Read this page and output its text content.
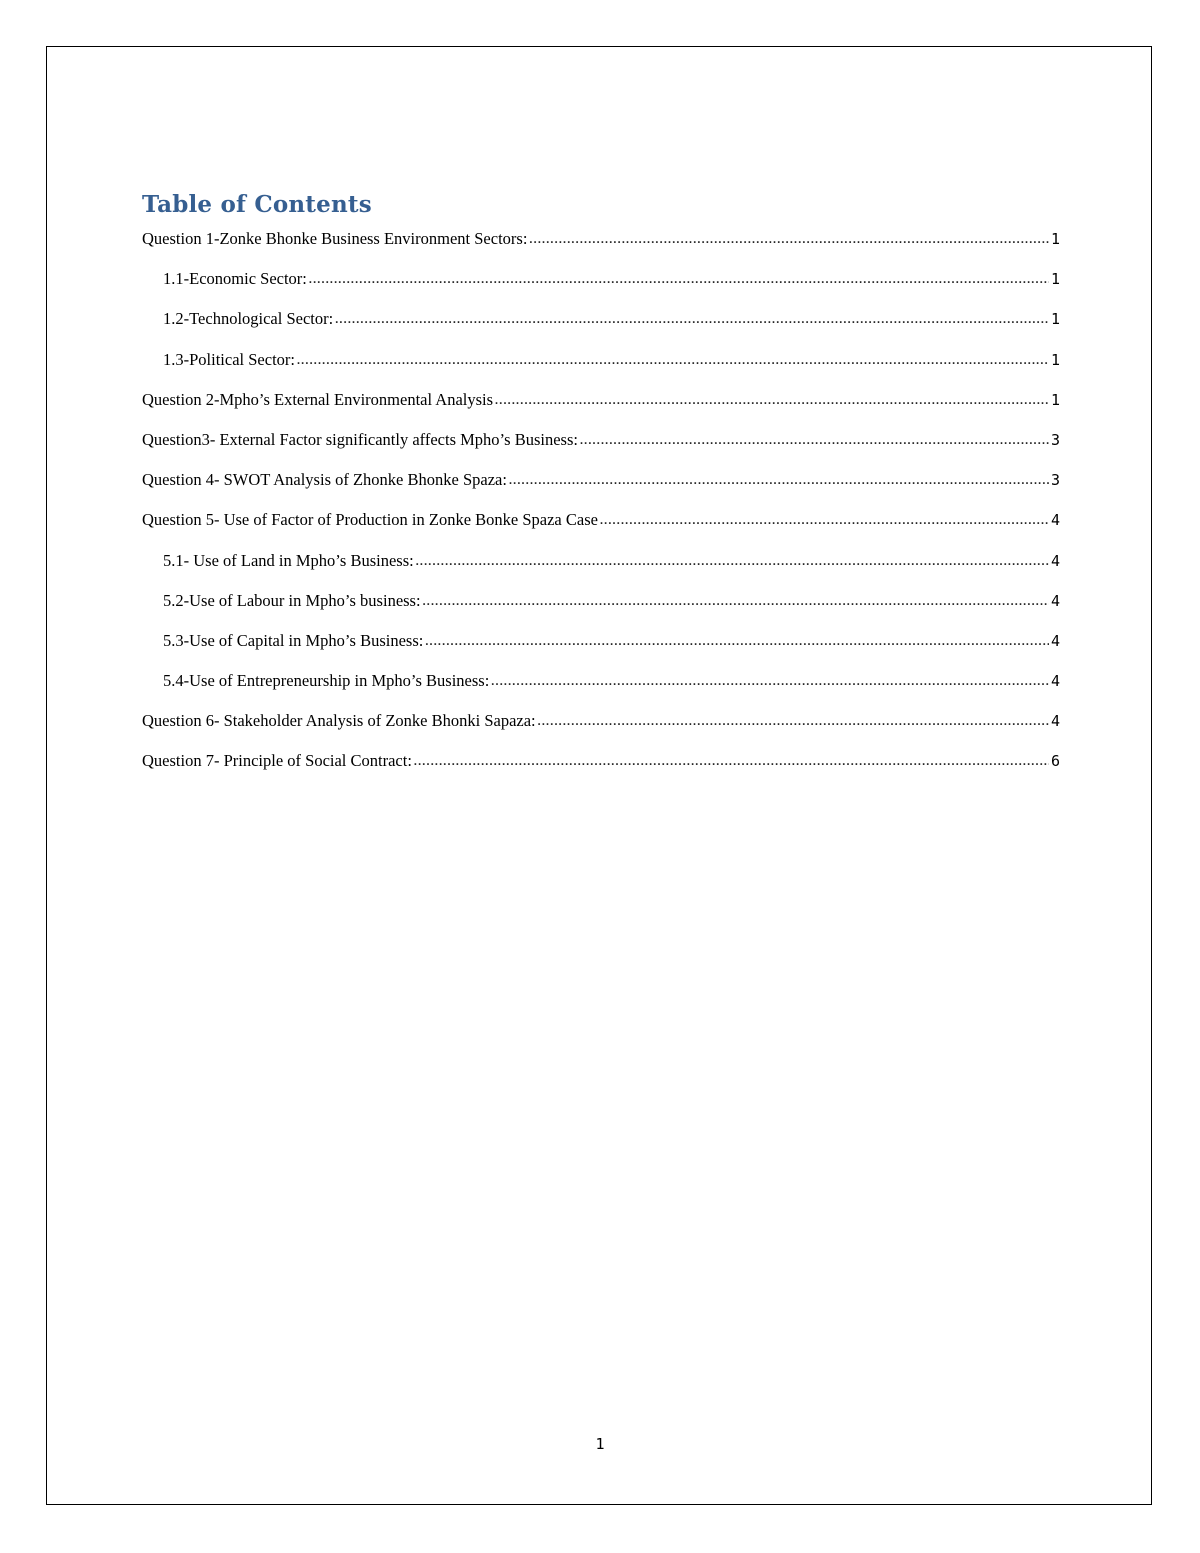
Table of Contents
Question 1-Zonke Bhonke Business Environment Sectors: .....	1
1.1-Economic Sector: .....	1
1.2-Technological Sector: .....	1
1.3-Political Sector: .....	1
Question 2-Mpho’s External Environmental Analysis .....	1
Question3- External Factor significantly affects Mpho’s Business: .....	3
Question 4- SWOT Analysis of Zhonke Bhonke Spaza: .....	3
Question 5- Use of Factor of Production in Zonke Bonke Spaza Case .....	4
5.1- Use of Land in Mpho’s Business: .....	4
5.2-Use of Labour in Mpho’s business: .....	4
5.3-Use of Capital in Mpho’s Business: .....	4
5.4-Use of Entrepreneurship in Mpho’s Business: .....	4
Question 6- Stakeholder Analysis of Zonke Bhonki Sapaza: .....	4
Question 7- Principle of Social Contract: .....	6
1
